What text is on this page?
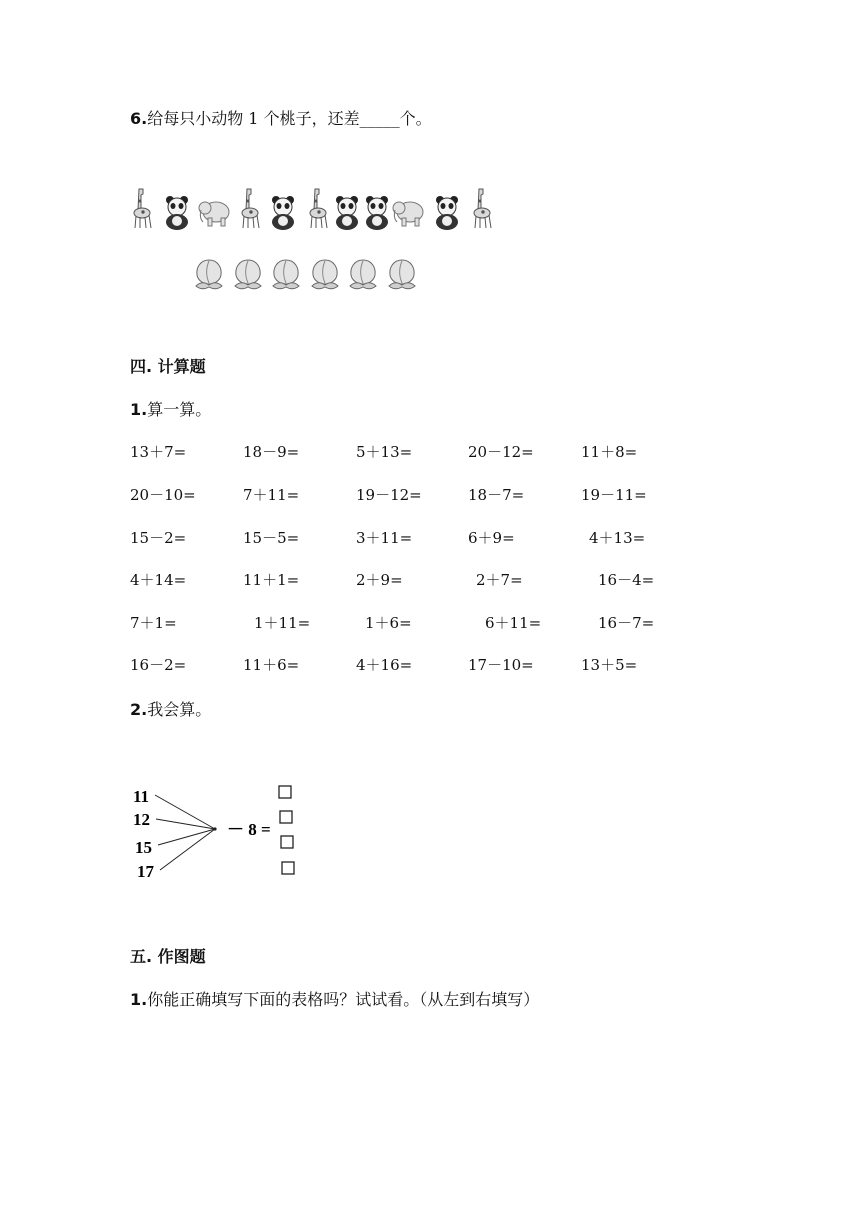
6.给每只小动物 1 个桃子，还差_____个。
四. 计算题
1.算一算。
13＋7=	18－9=	5＋13=	20－12=	11＋8=
20－10=	7＋11=	19－12=	18－7=	19－11=
15－2=	15－5=	3＋11=	6＋9=	4＋13=
4＋14=	11＋1=	2＋9=	2＋7=	16－4=
7＋1=	1＋11=	1＋6=	6＋11=	16－7=
16－2=	11＋6=	4＋16=	17－10=	13＋5=
2.我会算。
11
12
15
17
－ 8 =
五. 作图题
1.你能正确填写下面的表格吗？试试看。（从左到右填写）
